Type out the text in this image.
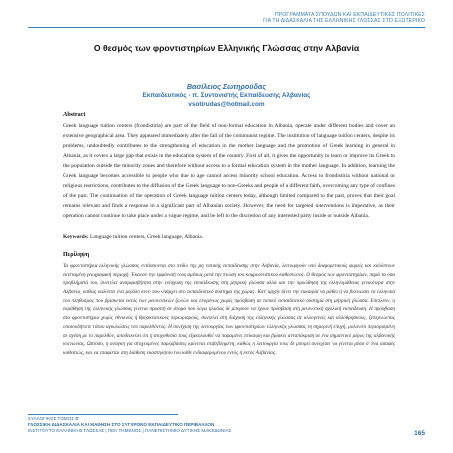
ΠΡΟΓΡΑΜΜΑΤΑ ΣΠΟΥΔΩΝ ΚΑΙ ΕΚΠΑΙΔΕΥΤΙΚΕΣ ΠΟΛΙΤΙΚΕΣ
ΓΙΑ ΤΗ ΔΙΔΑΣΚΑΛΙΑ ΤΗΣ ΕΛΛΗΝΙΚΗΣ ΓΛΩΣΣΑΣ ΣΤΟ ΕΞΩΤΕΡΙΚΟ
Ο θεσμός των φροντιστηρίων Ελληνικής Γλώσσας στην Αλβανία
Βασίλειος Σωτηρούδας
Εκπαιδευτικός - π. Συντονιστής Εκπαίδευσης Αλβανίας
vsotirudas@hotmail.com
Abstract
Greek language tuition centers (frondistiria) are part of the field of non-formal education in Albania, operate under different bodies and cover an extensive geographical area. They appeared immediately after the fall of the communist regime. The institution of language tuition centers, despite its problems, undoubtedly contributes to the strengthening of education in the mother language and the promotion of Greek learning in general in Albania, as it covers a large gap that exists in the education system of the country. First of all, it gives the opportunity to learn or improve its Greek to the population outside the minority zones and therefore without access to a formal education system in the mother language. In addition, learning the Greek language becomes accessible to people who due to age cannot access minority school education. Access to frondistiria without national or religious restrictions, contributes to the diffusion of the Greek language to non-Greeks and people of a different faith, overcoming any type of confines of the past. The continuation of the operation of Greek language tuition centers today, although limited compared to the past, proves that their goal remains relevant and finds a response in a significant part of Albanian society. However, the need for targeted interventions is imperative, as their operation cannot continue to take place under a vague regime, and be left to the discretion of any interested party inside or outside Albania.
Keywords: Language tuition centers, Greek language, Albania.
Περίληψη
Τα φροντιστήρια ελληνικής γλώσσας εντάσσονται στο πεδίο της μη τυπικής εκπαίδευσης στην Αλβανία, λειτουργούν υπό διαφορετικούς φορείς και καλύπτουν εκτεταμένη γεωγραφική περιοχή. Έκαναν την εμφάνισή τους αμέσως μετά την πτώση του κομμουνιστικού καθεστώτος. Ο θεσμός των φροντιστηρίων, παρά τα όσα προβλήματά του, συντελεί αναμφισβήτητα στην ενίσχυση της εκπαίδευσης στη μητρική γλώσσα αλλά και την προώθηση της ελληνομάθειας γενικότερα στην Αλβανία, καθώς καλύπτει ένα μεγάλο κενό που υπάρχει στο εκπαιδευτικό σύστημα της χώρας. Κατ' αρχήν δίνει την ευκαιρία να μάθει ή να βελτιώσει τα ελληνικά του πληθυσμός που βρίσκεται εκτός των μειονοτικών ζωνών και επομένως χωρίς πρόσβαση σε τυπικό εκπαιδευτικό σύστημα στη μητρική γλώσσα. Επιπλέον, η εκμάθηση της ελληνικής γλώσσας γίνεται προσιτή σε άτομα που λόγω ηλικίας δε μπορούν να έχουν πρόσβαση στη μειονοτική σχολική εκπαίδευση. Η πρόσβαση στα φροντιστήρια χωρίς εθνικούς ή θρησκευτικούς περιορισμούς, συντελεί στη διάχυση της ελληνικής γλώσσας σε αλλογενείς και αλλόθρησκους, ξεπερνώντας οποιουδήποτε τύπου αγκυλώσεις του παρελθόντος. Η συνέχιση της λειτουργίας των φροντιστηρίων ελληνικής γλώσσας τη σημερινή εποχή, μολονότι περιορισμένη σε σχέση με το παρελθόν, αποδεικνύει ότι η στοχοθεσία τους εξακολουθεί να παραμένει επίκαιρη και βρίσκει ανταπόκριση σε ένα σημαντικό μέρος της αλβανικής κοινωνίας. Ωστόσο, η ανάγκη για στοχευμένες παρεμβάσεις κρίνεται επιβεβλημένη, καθώς η λειτουργία τους δε μπορεί συνεχίσει να γίνεται μέσα σ' ένα ασαφές καθεστώς, και να επαφίεται στη διάθεση εκαστηλήτου του κάθε ενδιαφερομένου εντός ή εκτός Αλβανίας.
ΣΥΛΛΟΓΙΚΟΣ ΤΟΜΟΣ Β'
ΓΛΩΣΣΙΚΗ ΔΙΔΑΣΚΑΛΙΑ ΚΑΙ ΜΑΘΗΣΗ ΣΤΟ ΣΥΓΧΡΟΝΟ ΕΚΠΑΙΔΕΥΤΙΚΟ ΠΕΡΙΒΑΛΛΟΝ
ΙΝΣΤΙΤΟΥΤΟ ΕΛΛΗΝΙΚΗΣ ΓΛΩΣΣΑΣ | ΠΕΚ ΤΗΜΕΝΟΣ | ΠΑΝΕΠΙΣΤΗΜΙΟ ΔΥΤΙΚΗΣ ΜΑΚΕΔΟΝΙΑΣ	165
